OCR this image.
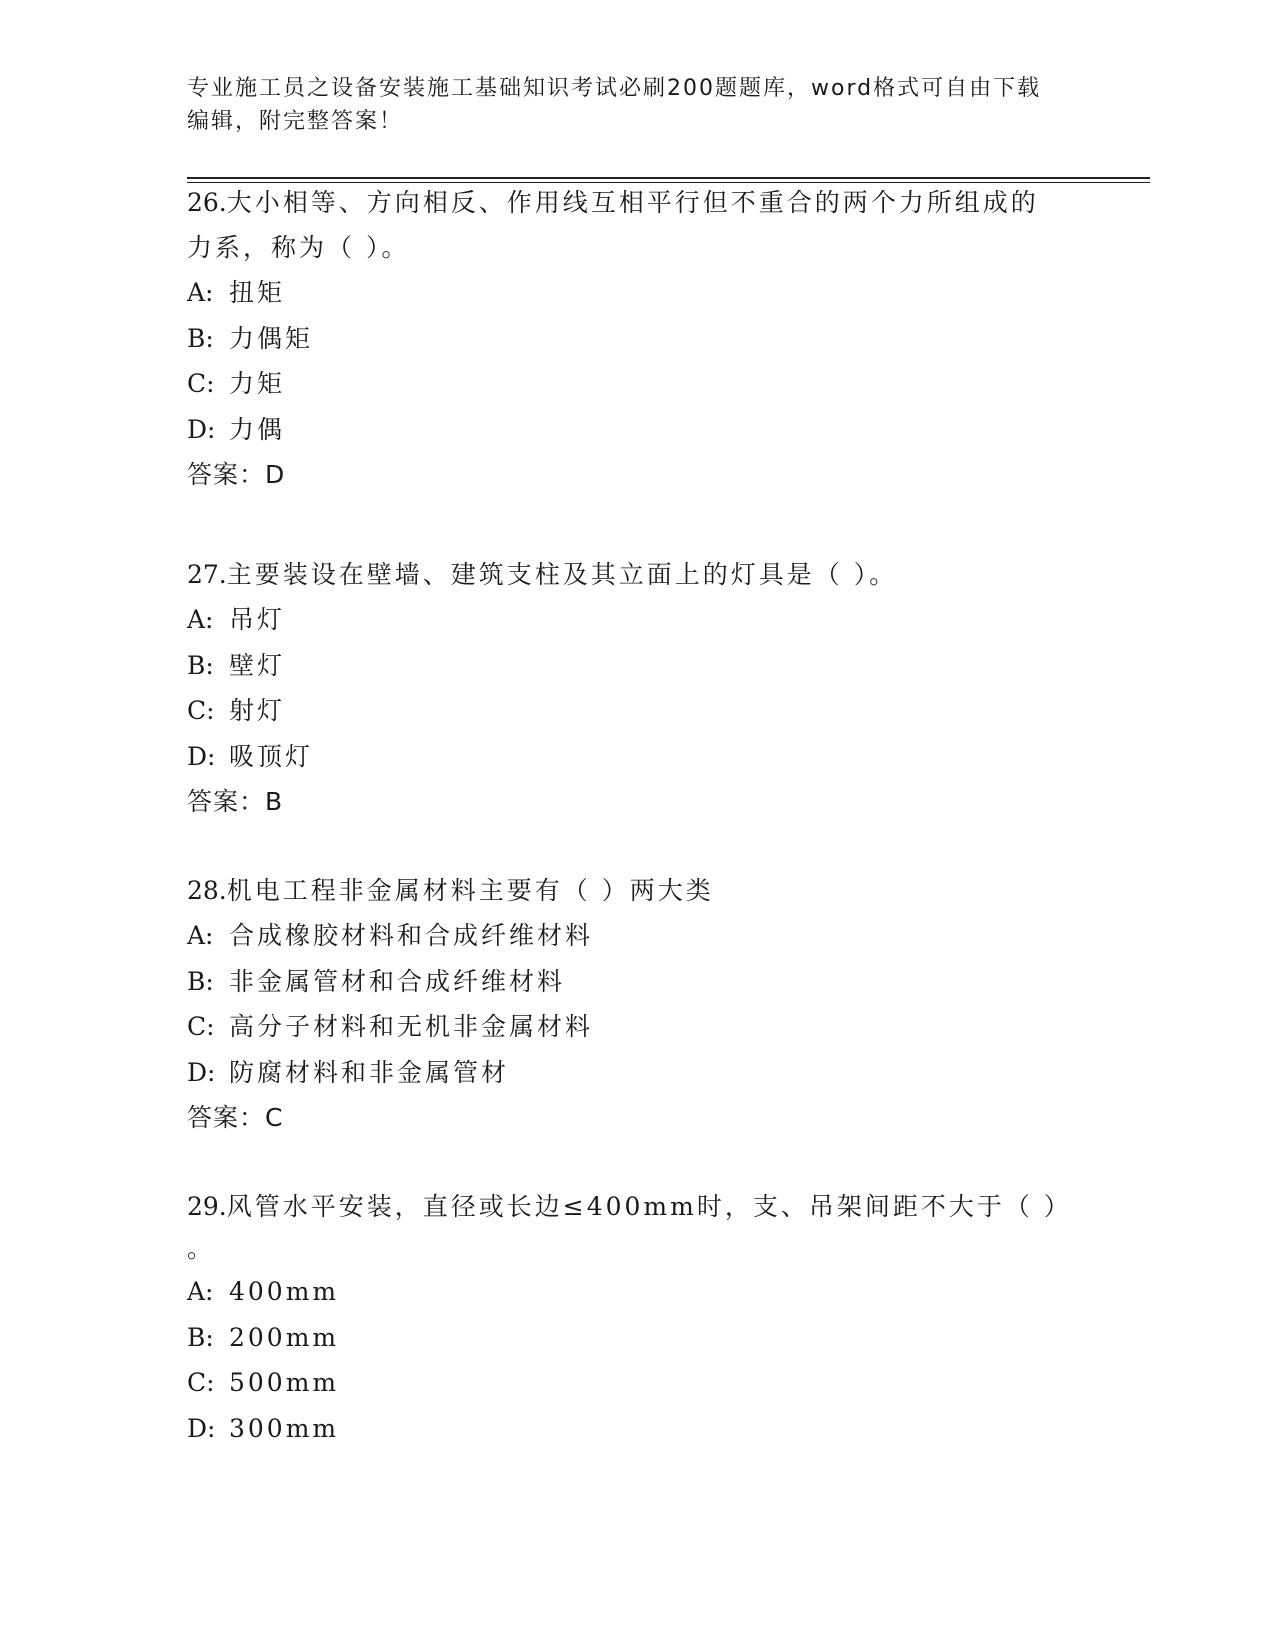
专业施工员之设备安装施工基础知识考试必刷200题题库，word格式可自由下载
编辑，附完整答案！

26.大小相等、方向相反、作用线互相平行但不重合的两个力所组成的

力系，称为（ ）。

A: 扭矩

B: 力偶矩

C: 力矩

D: 力偶

答案：D

27.主要装设在壁墙、建筑支柱及其立面上的灯具是（ ）。

A: 吊灯

B: 壁灯

C: 射灯

D: 吸顶灯

答案：B

28.机电工程非金属材料主要有（ ）两大类

A: 合成橡胶材料和合成纤维材料

B: 非金属管材和合成纤维材料

C: 高分子材料和无机非金属材料

D: 防腐材料和非金属管材

答案：C

29.风管水平安装，直径或长边≤400mm时，支、吊架间距不大于（ ）

。

A: 400mm

B: 200mm

C: 500mm

D: 300mm
